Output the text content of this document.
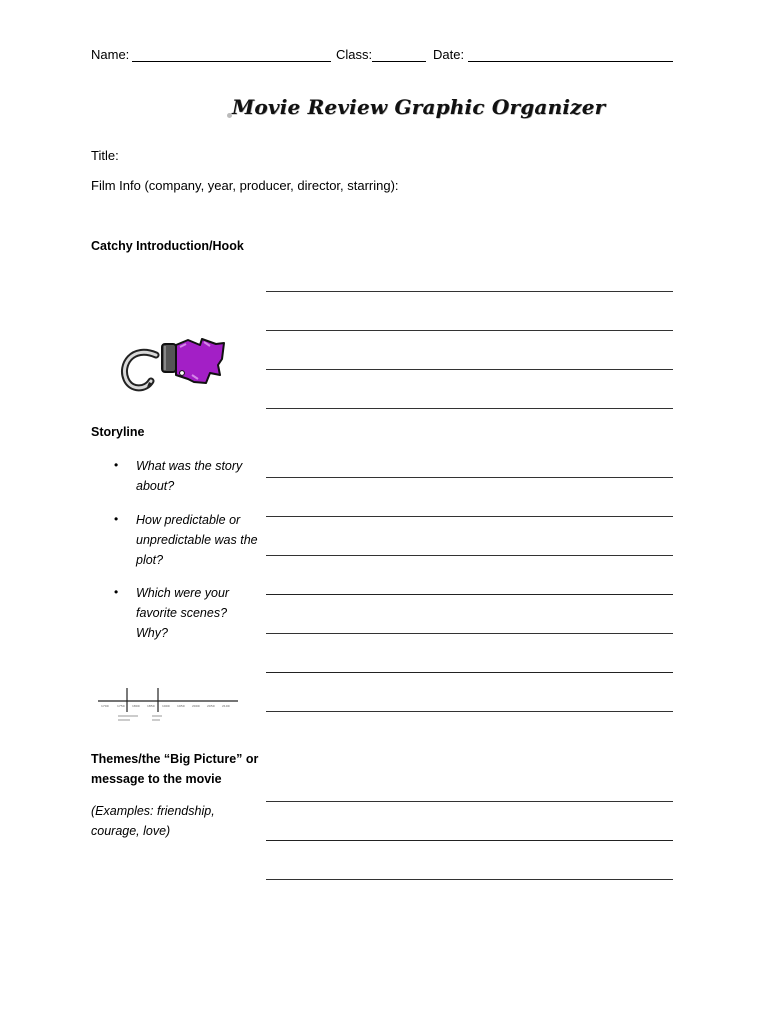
Name:	Class:	Date:
Movie Review Graphic Organizer
Title:
Film Info (company, year, producer, director, starring):
Catchy Introduction/Hook
Storyline
• What was the story about?
• How predictable or unpredictable was the plot?
• Which were your favorite scenes? Why?
1700	1750 1800 1850 1900 1950 2000 2050 2100
Themes/the “Big Picture” or message to the movie
(Examples: friendship, courage, love)
